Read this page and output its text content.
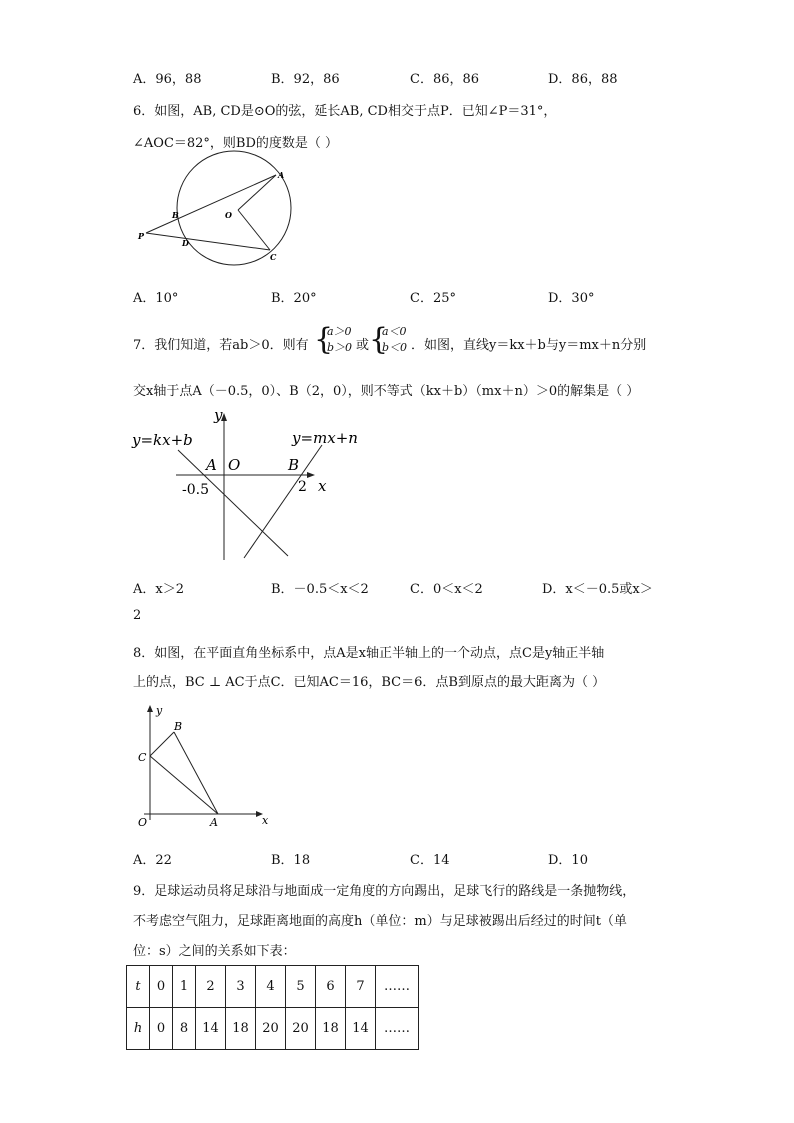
A．96，88	B．92，86	C．86，86	D．86，88
6．如图，AB, CD是⊙O的弦，延长AB, CD相交于点P．已知∠P＝31°，
∠AOC＝82°，则BD的度数是（ ）
A
B	O
P
D
C
A．10°	B．20°	C．25°	D．30°
7．我们知道，若ab＞0．则有 {
a＞0
b＞0 或 {
a＜0
b＜0 ．如图，直线y＝kx＋b与y＝mx＋n分别
交x轴于点A（－0.5，0）、B（2，0），则不等式（kx＋b）（mx＋n）＞0的解集是（ ）
y
x
y=kx+b	y=mx+n
A O	B
-0.5	2
A．x＞2	B．－0.5＜x＜2	C．0＜x＜2	D．x＜－0.5或x＞
2
8．如图，在平面直角坐标系中，点A是x轴正半轴上的一个动点，点C是y轴正半轴
上的点，BC ⊥ AC于点C．已知AC＝16，BC＝6．点B到原点的最大距离为（ ）
y
x
B
C
O	A
A．22	B．18	C．14	D．10
9．足球运动员将足球沿与地面成一定角度的方向踢出，足球飞行的路线是一条抛物线，
不考虑空气阻力，足球距离地面的高度h（单位：m）与足球被踢出后经过的时间t（单
位：s）之间的关系如下表：
t	0	1	2	3	4	5	6	7	……
h	0	8	14	18	20	20	18	14	……
